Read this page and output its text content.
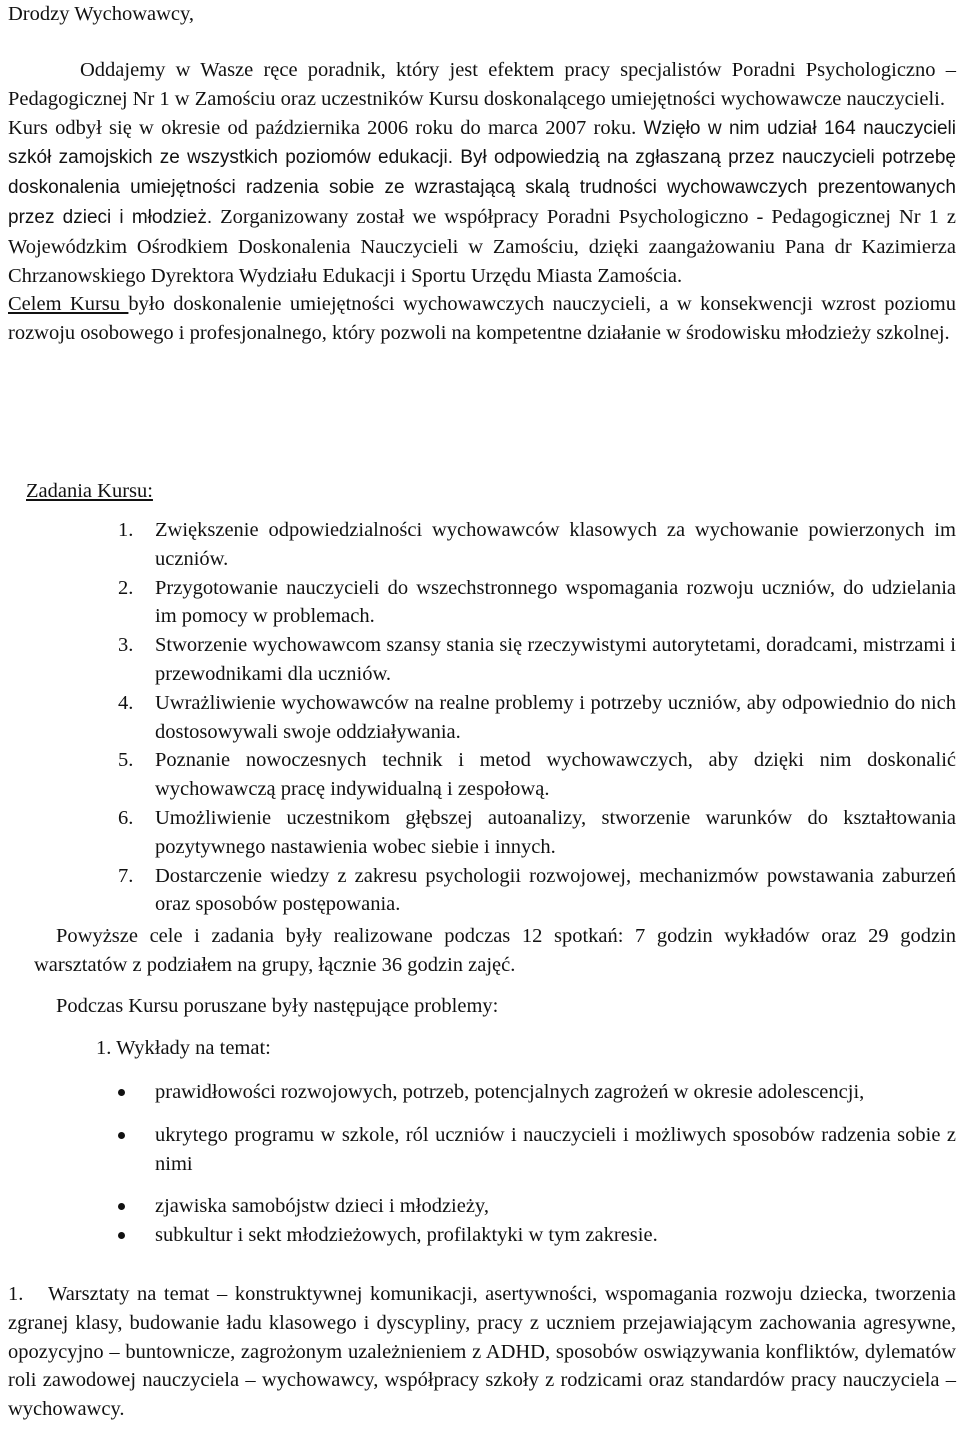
Drodzy Wychowawcy,

Oddajemy w Wasze ręce poradnik, który jest efektem pracy specjalistów Poradni Psychologiczno – Pedagogicznej Nr 1 w Zamościu oraz uczestników Kursu doskonalącego umiejętności wychowawcze nauczycieli.
Kurs odbył się w okresie od października 2006 roku do marca 2007 roku. Wzięło w nim udział 164 nauczycieli szkół zamojskich ze wszystkich poziomów edukacji. Był odpowiedzią na zgłaszaną przez nauczycieli potrzebę doskonalenia umiejętności radzenia sobie ze wzrastającą skalą trudności wychowawczych prezentowanych przez dzieci i młodzież. Zorganizowany został we współpracy Poradni Psychologiczno - Pedagogicznej Nr 1 z Wojewódzkim Ośrodkiem Doskonalenia Nauczycieli w Zamościu, dzięki zaangażowaniu Pana dr Kazimierza Chrzanowskiego Dyrektora Wydziału Edukacji i Sportu Urzędu Miasta Zamościa.
Celem Kursu było doskonalenie umiejętności wychowawczych nauczycieli, a w konsekwencji wzrost poziomu rozwoju osobowego i profesjonalnego, który pozwoli na kompetentne działanie w środowisku młodzieży szkolnej.

Zadania Kursu:

1. Zwiększenie odpowiedzialności wychowawców klasowych za wychowanie powierzonych im uczniów.
2. Przygotowanie nauczycieli do wszechstronnego wspomagania rozwoju uczniów, do udzielania im pomocy w problemach.
3. Stworzenie wychowawcom szansy stania się rzeczywistymi autorytetami, doradcami, mistrzami i przewodnikami dla uczniów.
4. Uwrażliwienie wychowawców na realne problemy i potrzeby uczniów, aby odpowiednio do nich dostosowywali swoje oddziaływania.
5. Poznanie nowoczesnych technik i metod wychowawczych, aby dzięki nim doskonalić wychowawczą pracę indywidualną i zespołową.
6. Umożliwienie uczestnikom głębszej autoanalizy, stworzenie warunków do kształtowania pozytywnego nastawienia wobec siebie i innych.
7. Dostarczenie wiedzy z zakresu psychologii rozwojowej, mechanizmów powstawania zaburzeń oraz sposobów postępowania.

Powyższe cele i zadania były realizowane podczas 12 spotkań: 7 godzin wykładów oraz 29 godzin warsztatów z podziałem na grupy, łącznie 36 godzin zajęć.

Podczas Kursu poruszane były następujące problemy:

1. Wykłady na temat:

prawidłowości rozwojowych, potrzeb, potencjalnych zagrożeń w okresie adolescencji,
ukrytego programu w szkole, ról uczniów i nauczycieli i możliwych sposobów radzenia sobie z nimi
zjawiska samobójstw dzieci i młodzieży,
subkultur i sekt młodzieżowych, profilaktyki w tym zakresie.
1. Warsztaty na temat – konstruktywnej komunikacji, asertywności, wspomagania rozwoju dziecka, tworzenia zgranej klasy, budowanie ładu klasowego i dyscypliny, pracy z uczniem przejawiającym zachowania agresywne, opozycyjno – buntownicze, zagrożonym uzależnieniem z ADHD, sposobów oswiązywania konfliktów, dylematów roli zawodowej nauczyciela – wychowawcy, współpracy szkoły z rodzicami oraz standardów pracy nauczyciela – wychowawcy.
